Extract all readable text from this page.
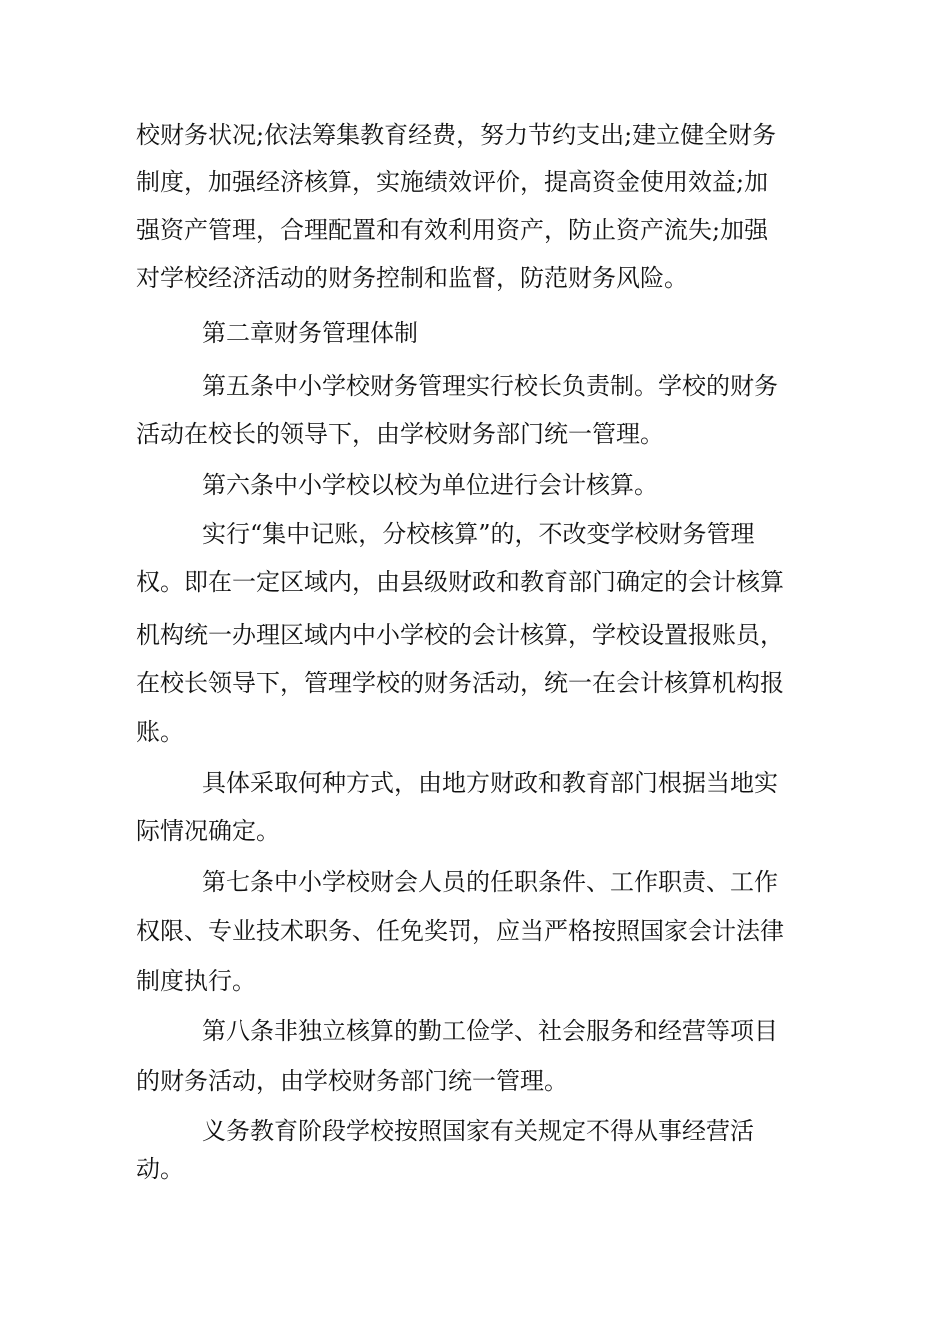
校财务状况;依法筹集教育经费，努力节约支出;建立健全财务
制度，加强经济核算，实施绩效评价，提高资金使用效益;加
强资产管理，合理配置和有效利用资产，防止资产流失;加强
对学校经济活动的财务控制和监督，防范财务风险。
第二章财务管理体制
第五条中小学校财务管理实行校长负责制。学校的财务
活动在校长的领导下，由学校财务部门统一管理。
第六条中小学校以校为单位进行会计核算。
实行“集中记账，分校核算”的，不改变学校财务管理
权。即在一定区域内，由县级财政和教育部门确定的会计核算
机构统一办理区域内中小学校的会计核算，学校设置报账员，
在校长领导下，管理学校的财务活动，统一在会计核算机构报
账。
具体采取何种方式，由地方财政和教育部门根据当地实
际情况确定。
第七条中小学校财会人员的任职条件、工作职责、工作
权限、专业技术职务、任免奖罚，应当严格按照国家会计法律
制度执行。
第八条非独立核算的勤工俭学、社会服务和经营等项目
的财务活动，由学校财务部门统一管理。
义务教育阶段学校按照国家有关规定不得从事经营活
动。
